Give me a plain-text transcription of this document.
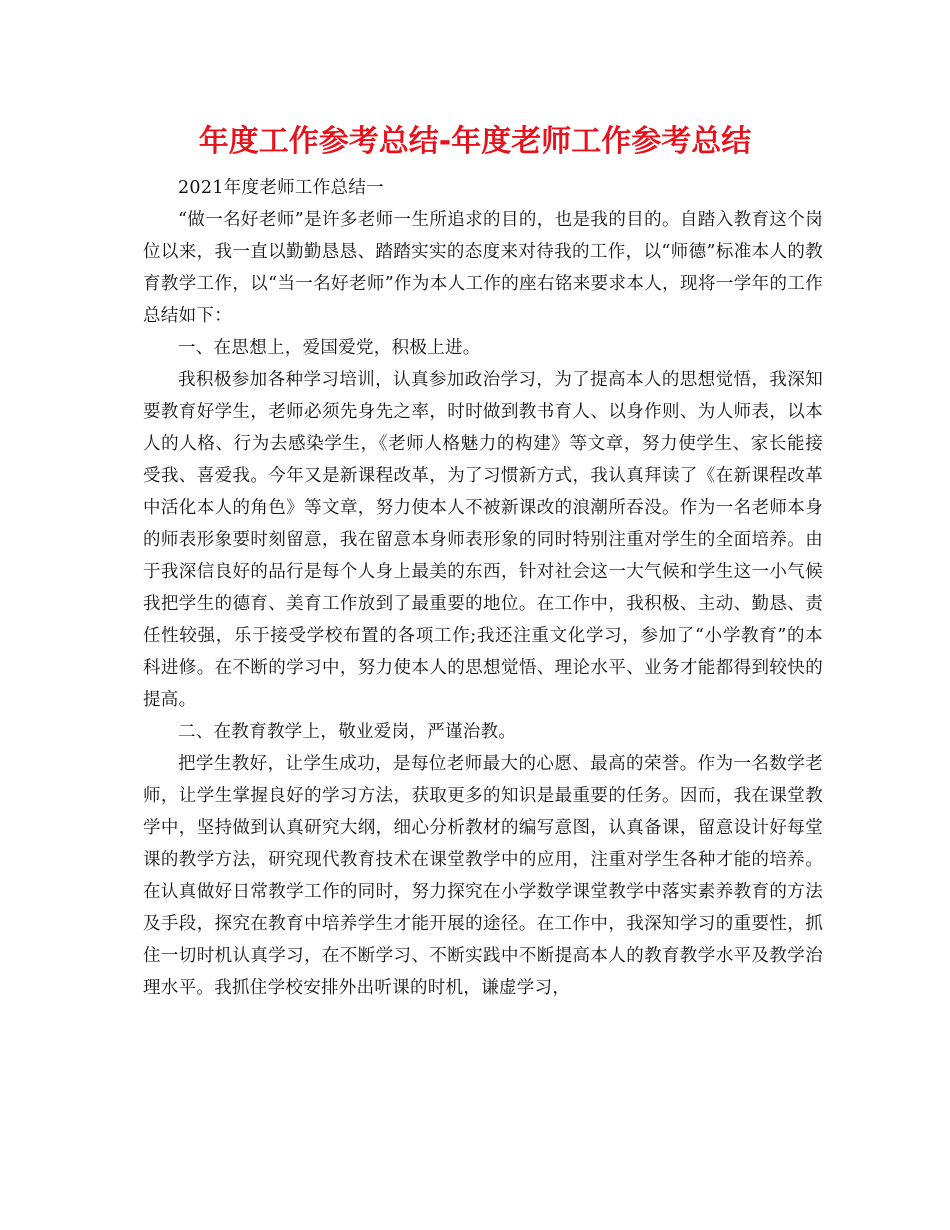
年度工作参考总结-年度老师工作参考总结

2021年度老师工作总结一

“做一名好老师”是许多老师一生所追求的目的，也是我的目的。自踏入教育这个岗位以来，我一直以勤勤恳恳、踏踏实实的态度来对待我的工作，以“师德”标准本人的教育教学工作，以“当一名好老师”作为本人工作的座右铭来要求本人，现将一学年的工作总结如下：

一、在思想上，爱国爱党，积极上进。

我积极参加各种学习培训，认真参加政治学习，为了提高本人的思想觉悟，我深知要教育好学生，老师必须先身先之率，时时做到教书育人、以身作则、为人师表，以本人的人格、行为去感染学生，《老师人格魅力的构建》等文章，努力使学生、家长能接受我、喜爱我。今年又是新课程改革，为了习惯新方式，我认真拜读了《在新课程改革中活化本人的角色》等文章，努力使本人不被新课改的浪潮所吞没。作为一名老师本身的师表形象要时刻留意，我在留意本身师表形象的同时特别注重对学生的全面培养。由于我深信良好的品行是每个人身上最美的东西，针对社会这一大气候和学生这一小气候我把学生的德育、美育工作放到了最重要的地位。在工作中，我积极、主动、勤恳、责任性较强，乐于接受学校布置的各项工作;我还注重文化学习，参加了“小学教育”的本科进修。在不断的学习中，努力使本人的思想觉悟、理论水平、业务才能都得到较快的提高。

二、在教育教学上，敬业爱岗，严谨治教。

把学生教好，让学生成功，是每位老师最大的心愿、最高的荣誉。作为一名数学老师，让学生掌握良好的学习方法，获取更多的知识是最重要的任务。因而，我在课堂教学中，坚持做到认真研究大纲，细心分析教材的编写意图，认真备课，留意设计好每堂课的教学方法，研究现代教育技术在课堂教学中的应用，注重对学生各种才能的培养。在认真做好日常教学工作的同时，努力探究在小学数学课堂教学中落实素养教育的方法及手段，探究在教育中培养学生才能开展的途径。在工作中，我深知学习的重要性，抓住一切时机认真学习，在不断学习、不断实践中不断提高本人的教育教学水平及教学治理水平。我抓住学校安排外出听课的时机，谦虚学习，
